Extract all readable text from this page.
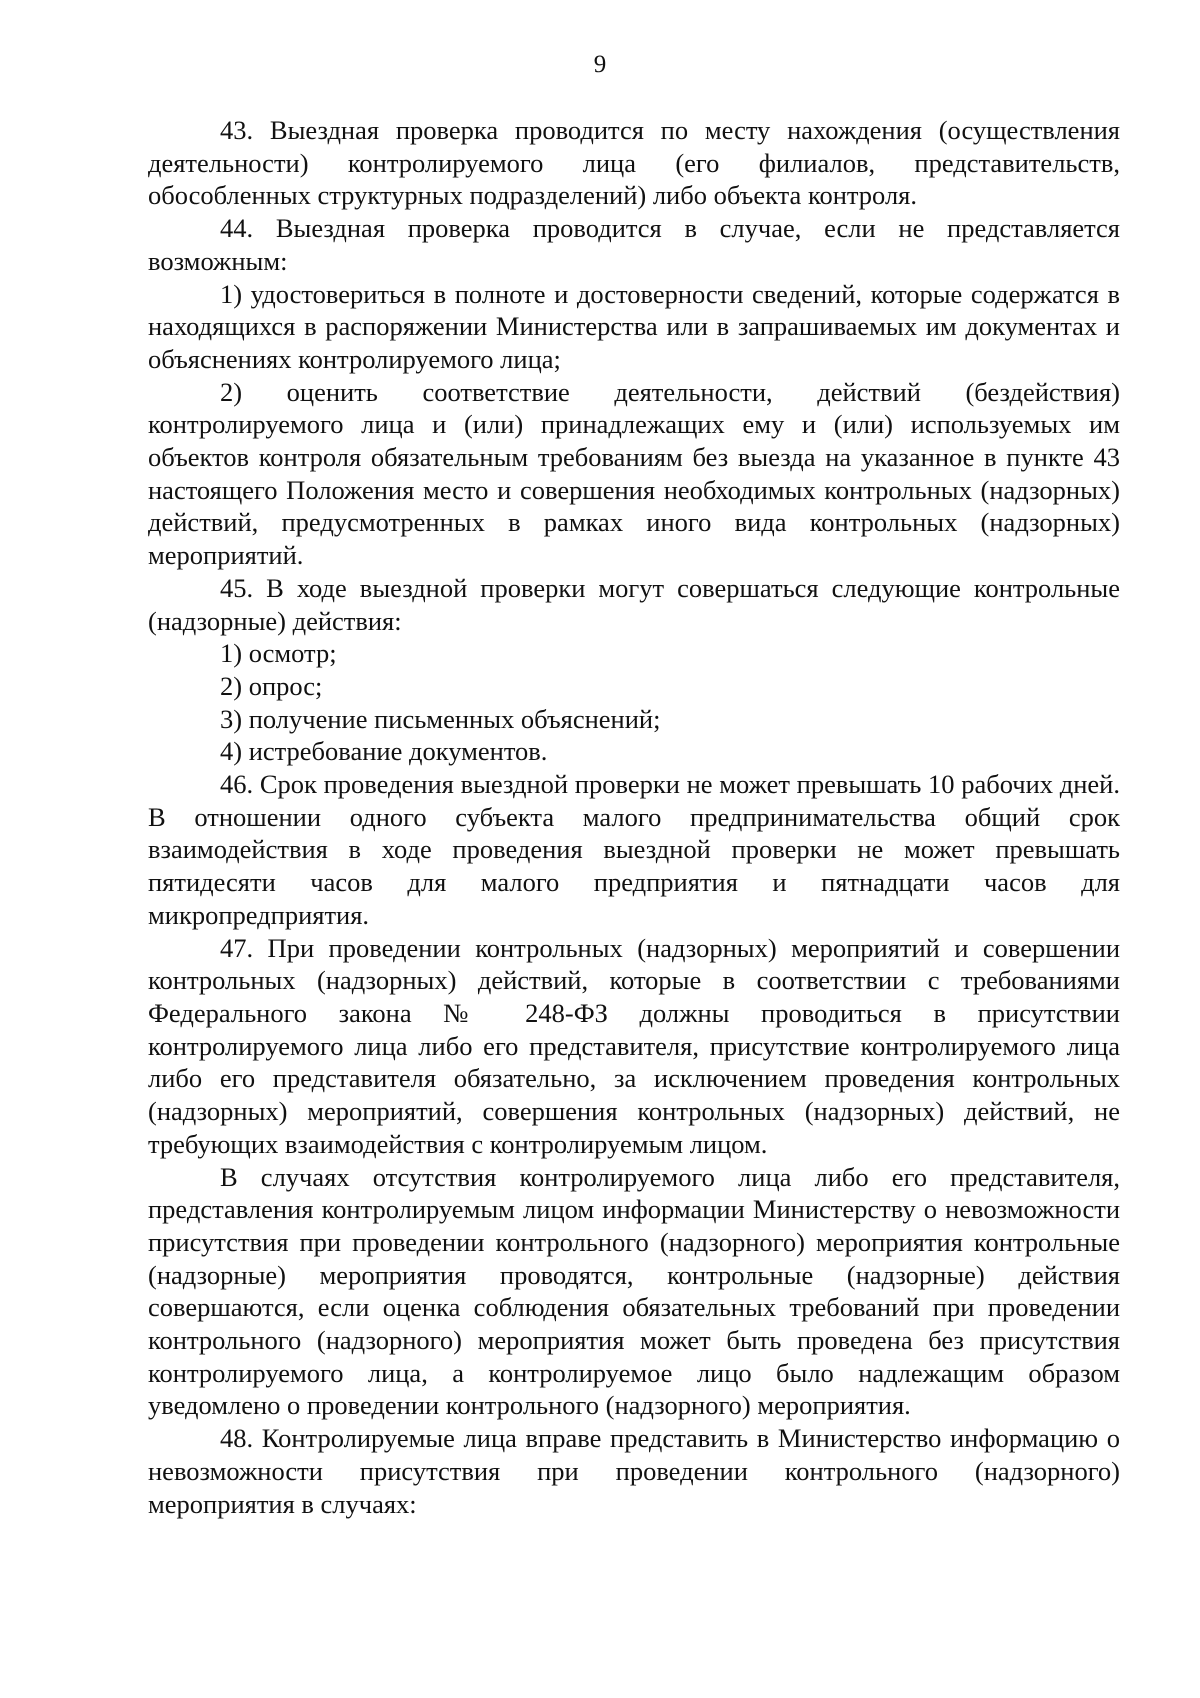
9

43. Выездная проверка проводится по месту нахождения (осуществления деятельности) контролируемого лица (его филиалов, представительств, обособленных структурных подразделений) либо объекта контроля.

44. Выездная проверка проводится в случае, если не представляется возможным:

1) удостовериться в полноте и достоверности сведений, которые содержатся в находящихся в распоряжении Министерства или в запрашиваемых им документах и объяснениях контролируемого лица;

2) оценить соответствие деятельности, действий (бездействия) контролируемого лица и (или) принадлежащих ему и (или) используемых им объектов контроля обязательным требованиям без выезда на указанное в пункте 43 настоящего Положения место и совершения необходимых контрольных (надзорных) действий, предусмотренных в рамках иного вида контрольных (надзорных) мероприятий.

45. В ходе выездной проверки могут совершаться следующие контрольные (надзорные) действия:

1) осмотр;

2) опрос;

3) получение письменных объяснений;

4) истребование документов.

46. Срок проведения выездной проверки не может превышать 10 рабочих дней. В отношении одного субъекта малого предпринимательства общий срок взаимодействия в ходе проведения выездной проверки не может превышать пятидесяти часов для малого предприятия и пятнадцати часов для микропредприятия.

47. При проведении контрольных (надзорных) мероприятий и совершении контрольных (надзорных) действий, которые в соответствии с требованиями Федерального закона № 248-ФЗ должны проводиться в присутствии контролируемого лица либо его представителя, присутствие контролируемого лица либо его представителя обязательно, за исключением проведения контрольных (надзорных) мероприятий, совершения контрольных (надзорных) действий, не требующих взаимодействия с контролируемым лицом.

В случаях отсутствия контролируемого лица либо его представителя, представления контролируемым лицом информации Министерству о невозможности присутствия при проведении контрольного (надзорного) мероприятия контрольные (надзорные) мероприятия проводятся, контрольные (надзорные) действия совершаются, если оценка соблюдения обязательных требований при проведении контрольного (надзорного) мероприятия может быть проведена без присутствия контролируемого лица, а контролируемое лицо было надлежащим образом уведомлено о проведении контрольного (надзорного) мероприятия.

48. Контролируемые лица вправе представить в Министерство информацию о невозможности присутствия при проведении контрольного (надзорного) мероприятия в случаях:
